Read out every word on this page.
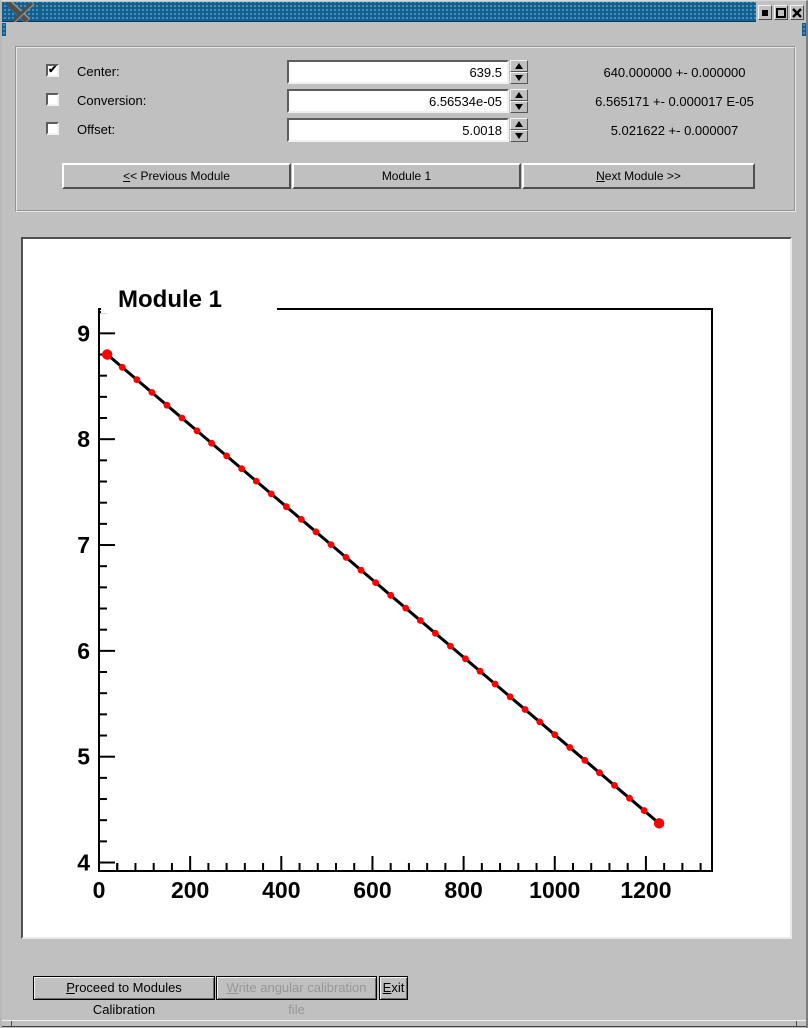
✔ Center:
639.5	640.000000 +- 0.000000
Conversion:
6.56534e-05	6.565171 +- 0.000017 E-05
Offset:
5.0018	5.021622 +- 0.000007
<< Previous Module	Module 1	Next Module >>
0	200 400 600 800 1000 1200
4
5
6
7
8
9
Module 1
Proceed to Modules Calibration
Write angular calibration file
Exit
